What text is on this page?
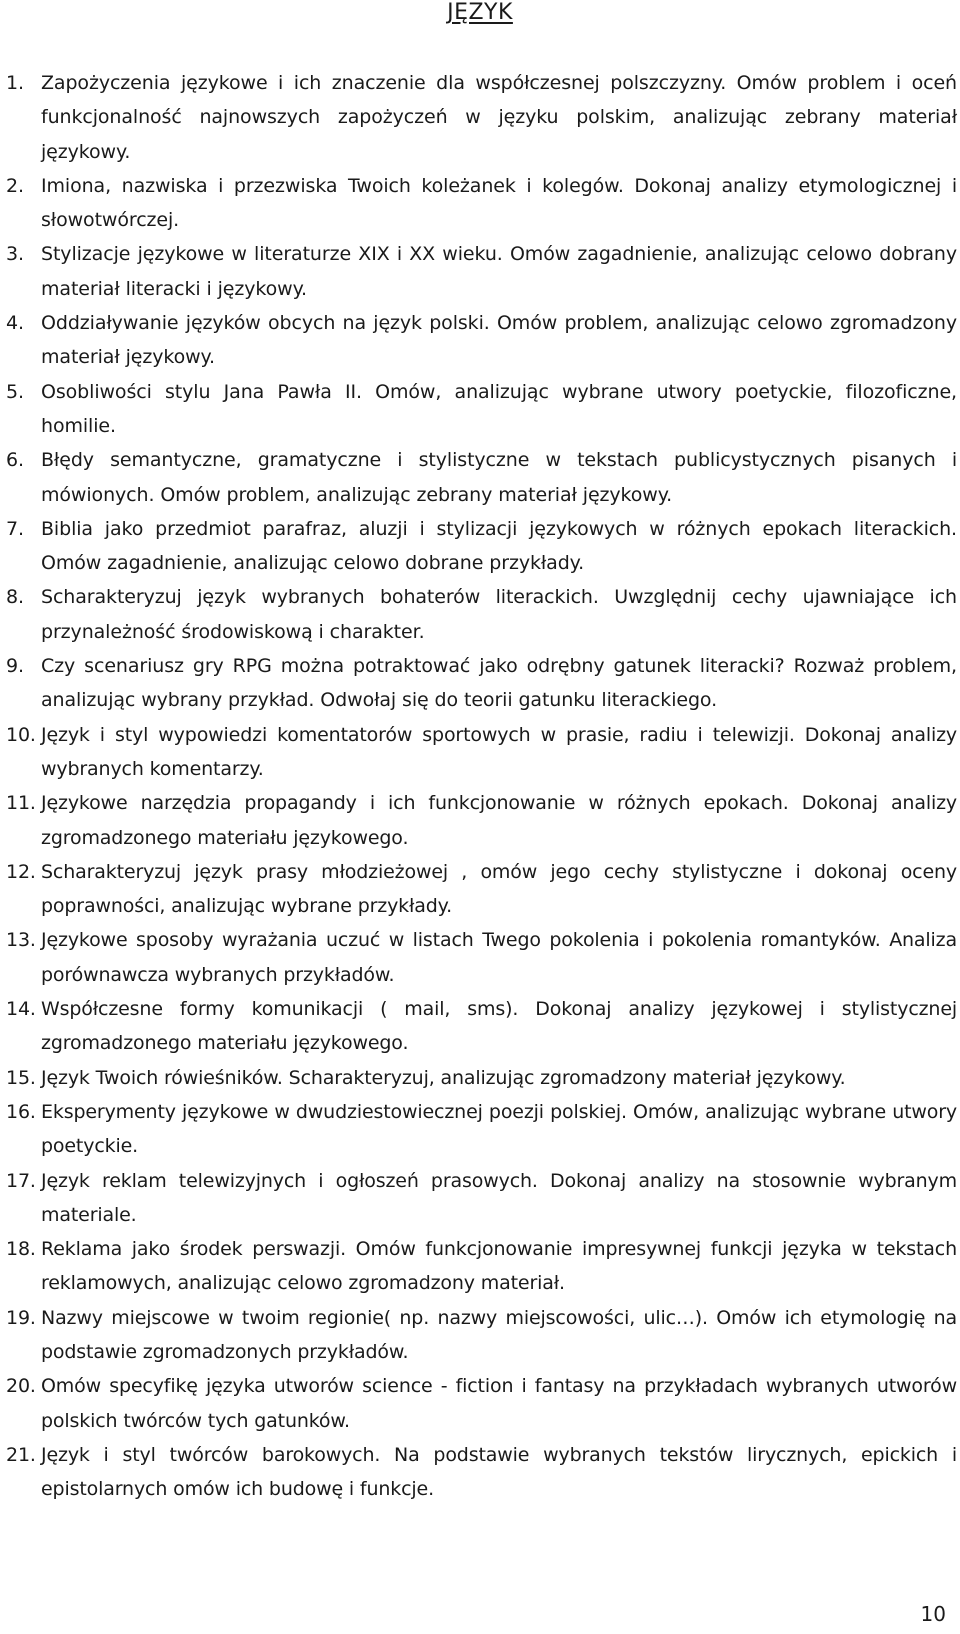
JĘZYK
1. Zapożyczenia językowe i ich znaczenie dla współczesnej polszczyzny. Omów problem i oceń funkcjonalność najnowszych zapożyczeń w języku polskim, analizując zebrany materiał językowy.
2. Imiona, nazwiska i przezwiska Twoich koleżanek i kolegów. Dokonaj analizy etymologicznej i słowotwórczej.
3. Stylizacje językowe w literaturze XIX i XX wieku. Omów zagadnienie, analizując celowo dobrany materiał literacki i językowy.
4. Oddziaływanie języków obcych na język polski. Omów problem, analizując celowo zgromadzony materiał językowy.
5. Osobliwości stylu Jana Pawła II. Omów, analizując wybrane utwory poetyckie, filozoficzne, homilie.
6. Błędy semantyczne, gramatyczne i stylistyczne w tekstach publicystycznych pisanych i mówionych. Omów problem, analizując zebrany materiał językowy.
7. Biblia jako przedmiot parafraz, aluzji i stylizacji językowych w różnych epokach literackich. Omów zagadnienie, analizując celowo dobrane przykłady.
8. Scharakteryzuj język wybranych bohaterów literackich. Uwzględnij cechy ujawniające ich przynależność środowiskową i charakter.
9. Czy scenariusz gry RPG można potraktować jako odrębny gatunek literacki? Rozważ problem, analizując wybrany przykład. Odwołaj się do teorii gatunku literackiego.
10. Język i styl wypowiedzi komentatorów sportowych w prasie, radiu i telewizji. Dokonaj analizy wybranych komentarzy.
11. Językowe narzędzia propagandy i ich funkcjonowanie w różnych epokach. Dokonaj analizy zgromadzonego materiału językowego.
12. Scharakteryzuj język prasy młodzieżowej , omów jego cechy stylistyczne i dokonaj oceny poprawności, analizując wybrane przykłady.
13. Językowe sposoby wyrażania uczuć w listach Twego pokolenia i pokolenia romantyków. Analiza porównawcza wybranych przykładów.
14. Współczesne formy komunikacji ( mail, sms). Dokonaj analizy językowej i stylistycznej zgromadzonego materiału językowego.
15. Język Twoich rówieśników. Scharakteryzuj, analizując zgromadzony materiał językowy.
16. Eksperymenty językowe w dwudziestowiecznej poezji polskiej. Omów, analizując wybrane utwory poetyckie.
17. Język reklam telewizyjnych i ogłoszeń prasowych. Dokonaj analizy na stosownie wybranym materiale.
18. Reklama jako środek perswazji. Omów funkcjonowanie impresywnej funkcji języka w tekstach reklamowych, analizując celowo zgromadzony materiał.
19. Nazwy miejscowe w twoim regionie( np. nazwy miejscowości, ulic…). Omów ich etymologię na podstawie zgromadzonych przykładów.
20. Omów specyfikę języka utworów science - fiction i fantasy na przykładach wybranych utworów polskich twórców tych gatunków.
21. Język i styl twórców barokowych. Na podstawie wybranych tekstów lirycznych, epickich i epistolarnych omów ich budowę i funkcje.
10
